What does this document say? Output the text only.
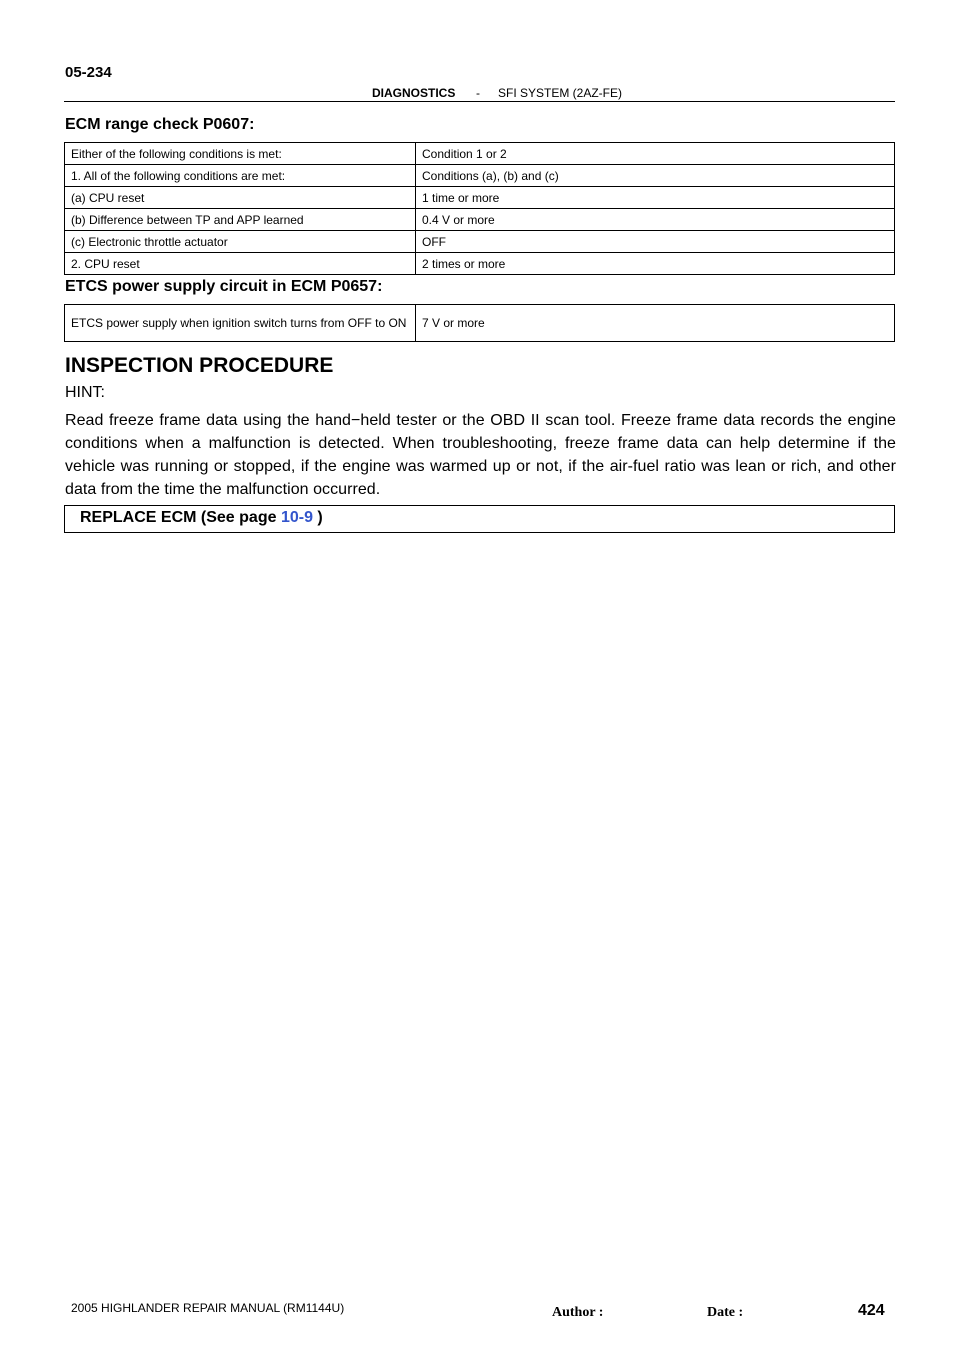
05-234
DIAGNOSTICS - SFI SYSTEM (2AZ-FE)
ECM range check P0607:
Either of the following conditions is met:	Condition 1 or 2
1. All of the following conditions are met:	Conditions (a), (b) and (c)
(a) CPU reset	1 time or more
(b) Difference between TP and APP learned	0.4 V or more
(c) Electronic throttle actuator	OFF
2. CPU reset	2 times or more
ETCS power supply circuit in ECM P0657:
ETCS power supply when ignition switch turns from OFF to ON	7 V or more
INSPECTION PROCEDURE
HINT:
Read freeze frame data using the hand−held tester or the OBD II scan tool. Freeze frame data records the engine conditions when a malfunction is detected. When troubleshooting, freeze frame data can help determine if the vehicle was running or stopped, if the engine was warmed up or not, if the air-fuel ratio was lean or rich, and other data from the time the malfunction occurred.
REPLACE ECM (See page 10-9 )
2005 HIGHLANDER REPAIR MANUAL (RM1144U)	Author :	Date :	424
